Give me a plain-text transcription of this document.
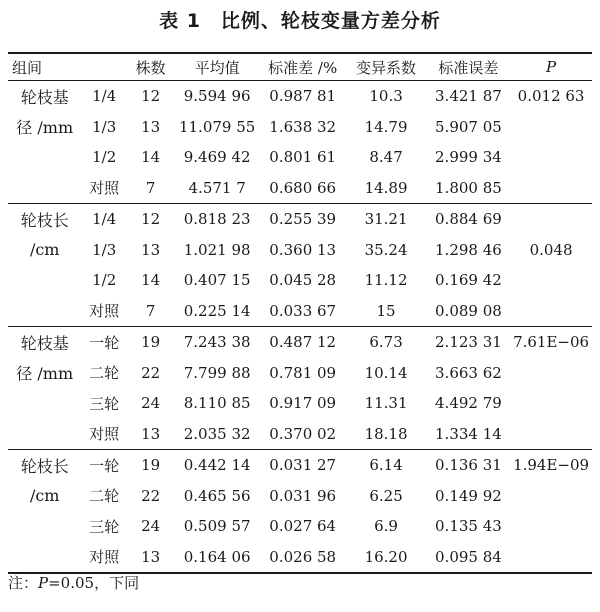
表 1　比例、轮枝变量方差分析
组间		株数	平均值	标准差 /%	变异系数	标准误差	P
轮枝基	1/4	12	9.594 96	0.987 81	10.3	3.421 87	0.012 63
径 /mm	1/3	13	11.079 55	1.638 32	14.79	5.907 05	
	1/2	14	9.469 42	0.801 61	8.47	2.999 34	
	对照	7	4.571 7	0.680 66	14.89	1.800 85	
轮枝长	1/4	12	0.818 23	0.255 39	31.21	0.884 69	
/cm	1/3	13	1.021 98	0.360 13	35.24	1.298 46	0.048
	1/2	14	0.407 15	0.045 28	11.12	0.169 42	
	对照	7	0.225 14	0.033 67	15	0.089 08	
轮枝基	一轮	19	7.243 38	0.487 12	6.73	2.123 31	7.61E−06
径 /mm	二轮	22	7.799 88	0.781 09	10.14	3.663 62	
	三轮	24	8.110 85	0.917 09	11.31	4.492 79	
	对照	13	2.035 32	0.370 02	18.18	1.334 14	
轮枝长	一轮	19	0.442 14	0.031 27	6.14	0.136 31	1.94E−09
/cm	二轮	22	0.465 56	0.031 96	6.25	0.149 92	
	三轮	24	0.509 57	0.027 64	6.9	0.135 43	
	对照	13	0.164 06	0.026 58	16.20	0.095 84	
注：P=0.05，下同
